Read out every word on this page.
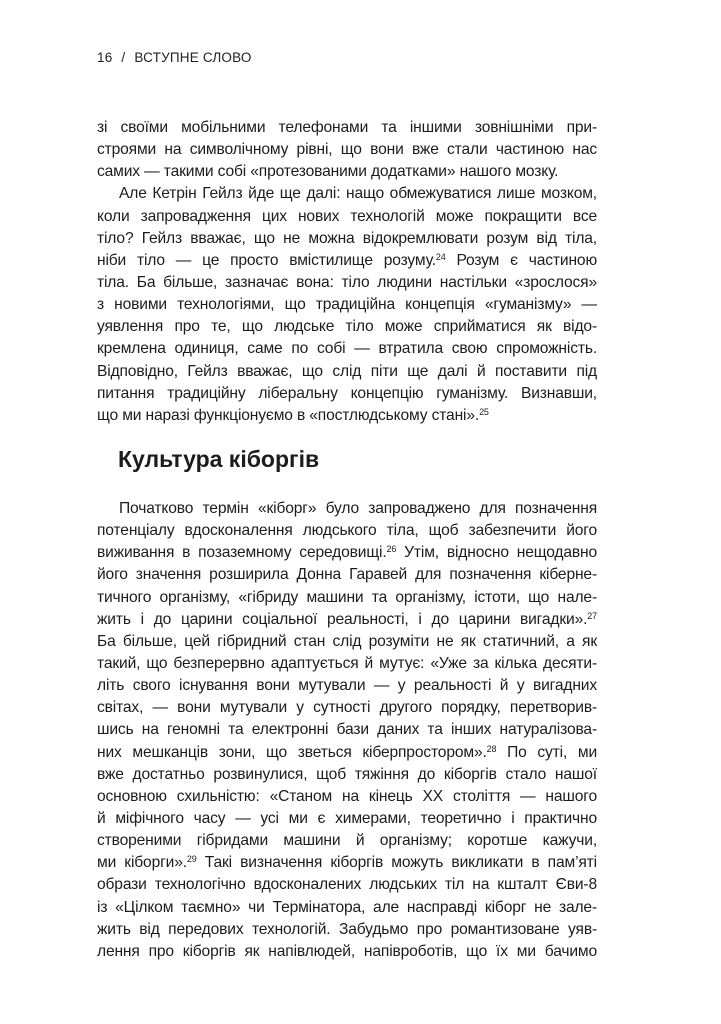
16 / ВСТУПНЕ СЛОВО
зі своїми мобільними телефонами та іншими зовнішніми при-
строями на символічному рівні, що вони вже стали частиною нас
самих — такими собі «протезованими додатками» нашого мозку.
Але Кетрін Гейлз йде ще далі: нащо обмежуватися лише мозком,
коли запровадження цих нових технологій може покращити все
тіло? Гейлз вважає, що не можна відокремлювати розум від тіла,
ніби тіло — це просто вмістилище розуму.$^{24}$ Розум є частиною
тіла. Ба більше, зазначає вона: тіло людини настільки «зрослося»
з новими технологіями, що традиційна концепція «гуманізму» —
уявлення про те, що людське тіло може сприйматися як відо-
кремлена одиниця, саме по собі — втратила свою спроможність.
Відповідно, Гейлз вважає, що слід піти ще далі й поставити під
питання традиційну ліберальну концепцію гуманізму. Визнавши,
що ми наразі функціонуємо в «постлюдському стані».$^{25}$
Культура кіборгів
Початково термін «кіборг» було запроваджено для позначення
потенціалу вдосконалення людського тіла, щоб забезпечити його
виживання в позаземному середовищі.$^{26}$ Утім, відносно нещодавно
його значення розширила Донна Гаравей для позначення кіберне-
тичного організму, «гібриду машини та організму, істоти, що нале-
жить і до царини соціальної реальності, і до царини вигадки».$^{27}$
Ба більше, цей гібридний стан слід розуміти не як статичний, а як
такий, що безперервно адаптується й мутує: «Уже за кілька десяти-
літь свого існування вони мутували — у реальності й у вигадних
світах, — вони мутували у сутності другого порядку, перетворив-
шись на геномні та електронні бази даних та інших натуралізова-
них мешканців зони, що зветься кіберпростором».$^{28}$ По суті, ми
вже достатньо розвинулися, щоб тяжіння до кіборгів стало нашої
основною схильністю: «Станом на кінець ХХ століття — нашого
й міфічного часу — усі ми є химерами, теоретично і практично
створеними гібридами машини й організму; коротше кажучи,
ми кіборги».$^{29}$ Такі визначення кіборгів можуть викликати в пам’яті
образи технологічно вдосконалених людських тіл на кшталт Єви-8
із «Цілком таємно» чи Термінатора, але насправді кіборг не зале-
жить від передових технологій. Забудьмо про романтизоване уяв-
лення про кіборгів як напівлюдей, напівроботів, що їх ми бачимо
